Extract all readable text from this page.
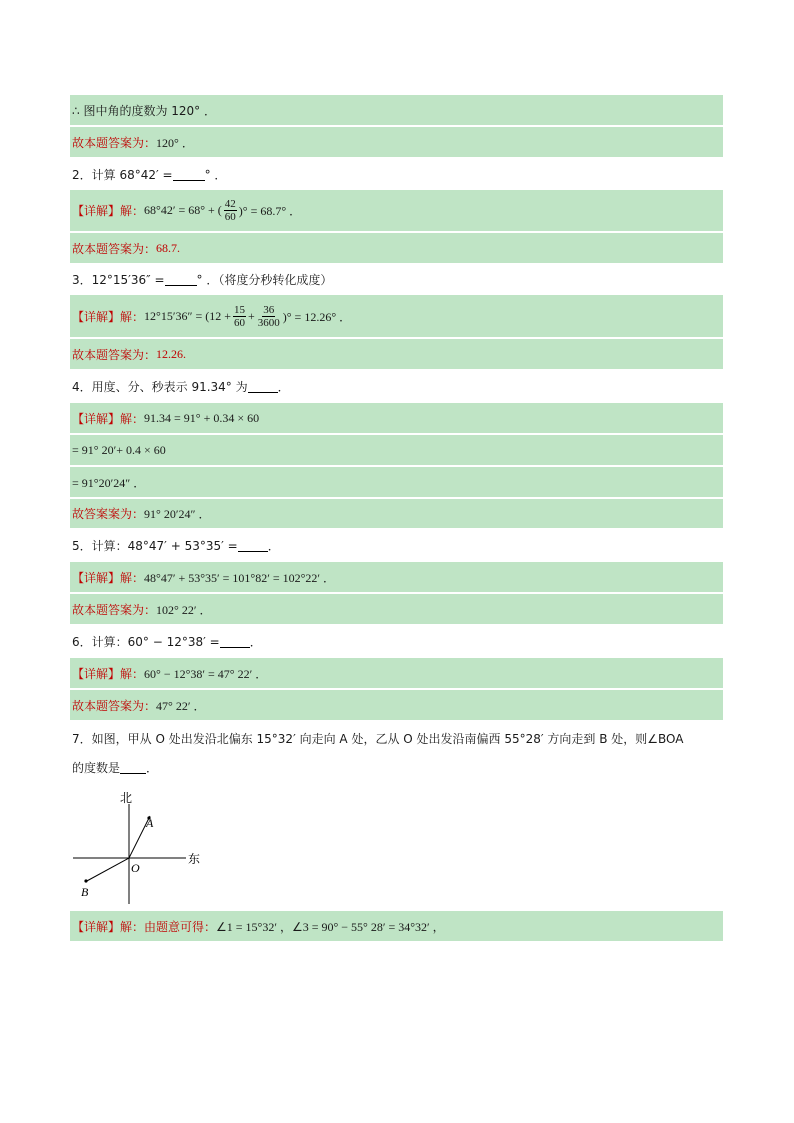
∴ 图中角的度数为 120° ．
故本题答案为： 120° ．
2．计算 68°42′ =	° ．
【详解】解： 68°42′ = 68° + ( $\frac{42}{60}$ )° = 68.7° ．
故本题答案为： 68.7.
3．12°15′36″ =	° ．（将度分秒转化成度）
【详解】解： $12^\circ 15'36'' = (12 + \frac{15}{60} + \frac{36}{3600}$ )° = 12.26° ．
故本题答案为： 12.26.
4．用度、分、秒表示 91.34° 为	．
【详解】解： 91.34 = 91° + 0.34 × 60
= 91° 20′+ 0.4 × 60
= 91°20′24″ ．
故答案案为： 91° 20′24″ ．
5．计算：48°47′ + 53°35′ =	．
【详解】解： 48°47′ + 53°35′ = 101°82′ = 102°22′ ．
故本题答案为： 102° 22′ ．
6．计算：60° − 12°38′ =	．
【详解】解： 60° − 12°38′ = 47° 22′ ．
故本题答案为： 47° 22′ ．
7．如图，甲从 O 处出发沿北偏东 15°32′ 向走向 A 处，乙从 O 处出发沿南偏西 55°28′ 方向走到 B 处，则∠BOA
的度数是 ．
北
东
A
B
O
【详解】解：由题意可得： ∠1 = 15°32′ ，∠3 = 90° − 55° 28′ = 34°32′ ，
